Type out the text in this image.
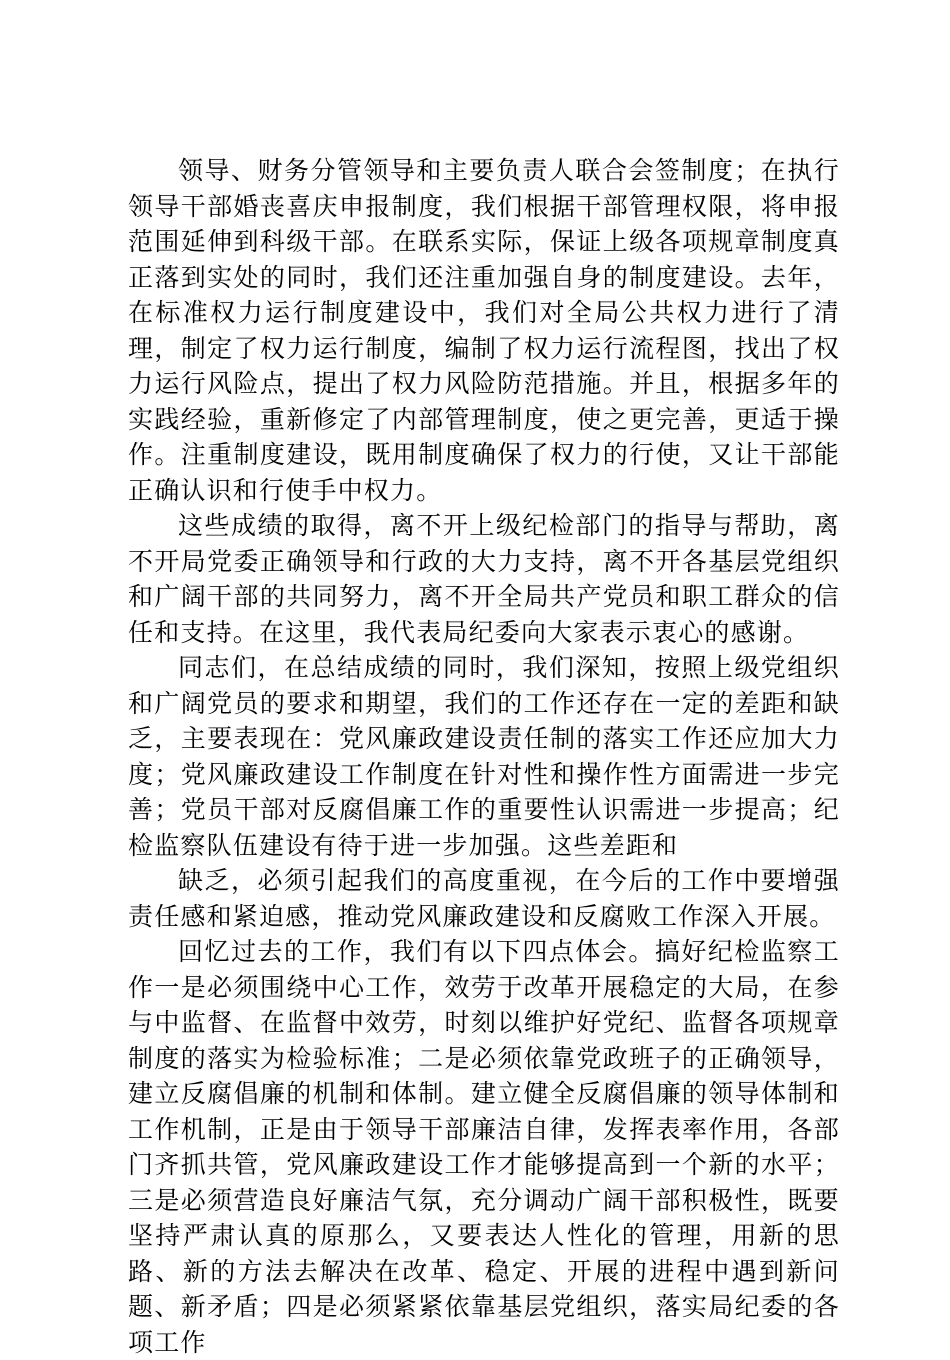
领导、财务分管领导和主要负责人联合会签制度；在执行领导干部婚丧喜庆申报制度，我们根据干部管理权限，将申报范围延伸到科级干部。在联系实际，保证上级各项规章制度真正落到实处的同时，我们还注重加强自身的制度建设。去年，在标准权力运行制度建设中，我们对全局公共权力进行了清理，制定了权力运行制度，编制了权力运行流程图，找出了权力运行风险点，提出了权力风险防范措施。并且，根据多年的实践经验，重新修定了内部管理制度，使之更完善，更适于操作。注重制度建设，既用制度确保了权力的行使，又让干部能正确认识和行使手中权力。

这些成绩的取得，离不开上级纪检部门的指导与帮助，离不开局党委正确领导和行政的大力支持，离不开各基层党组织和广阔干部的共同努力，离不开全局共产党员和职工群众的信任和支持。在这里，我代表局纪委向大家表示衷心的感谢。

同志们，在总结成绩的同时，我们深知，按照上级党组织和广阔党员的要求和期望，我们的工作还存在一定的差距和缺乏，主要表现在：党风廉政建设责任制的落实工作还应加大力度；党风廉政建设工作制度在针对性和操作性方面需进一步完善；党员干部对反腐倡廉工作的重要性认识需进一步提高；纪检监察队伍建设有待于进一步加强。这些差距和

缺乏，必须引起我们的高度重视，在今后的工作中要增强责任感和紧迫感，推动党风廉政建设和反腐败工作深入开展。

回忆过去的工作，我们有以下四点体会。搞好纪检监察工作一是必须围绕中心工作，效劳于改革开展稳定的大局，在参与中监督、在监督中效劳，时刻以维护好党纪、监督各项规章制度的落实为检验标准；二是必须依靠党政班子的正确领导，建立反腐倡廉的机制和体制。建立健全反腐倡廉的领导体制和工作机制，正是由于领导干部廉洁自律，发挥表率作用，各部门齐抓共管，党风廉政建设工作才能够提高到一个新的水平；三是必须营造良好廉洁气氛，充分调动广阔干部积极性，既要坚持严肃认真的原那么，又要表达人性化的管理，用新的思路、新的方法去解决在改革、稳定、开展的进程中遇到新问题、新矛盾；四是必须紧紧依靠基层党组织，落实局纪委的各项工作
